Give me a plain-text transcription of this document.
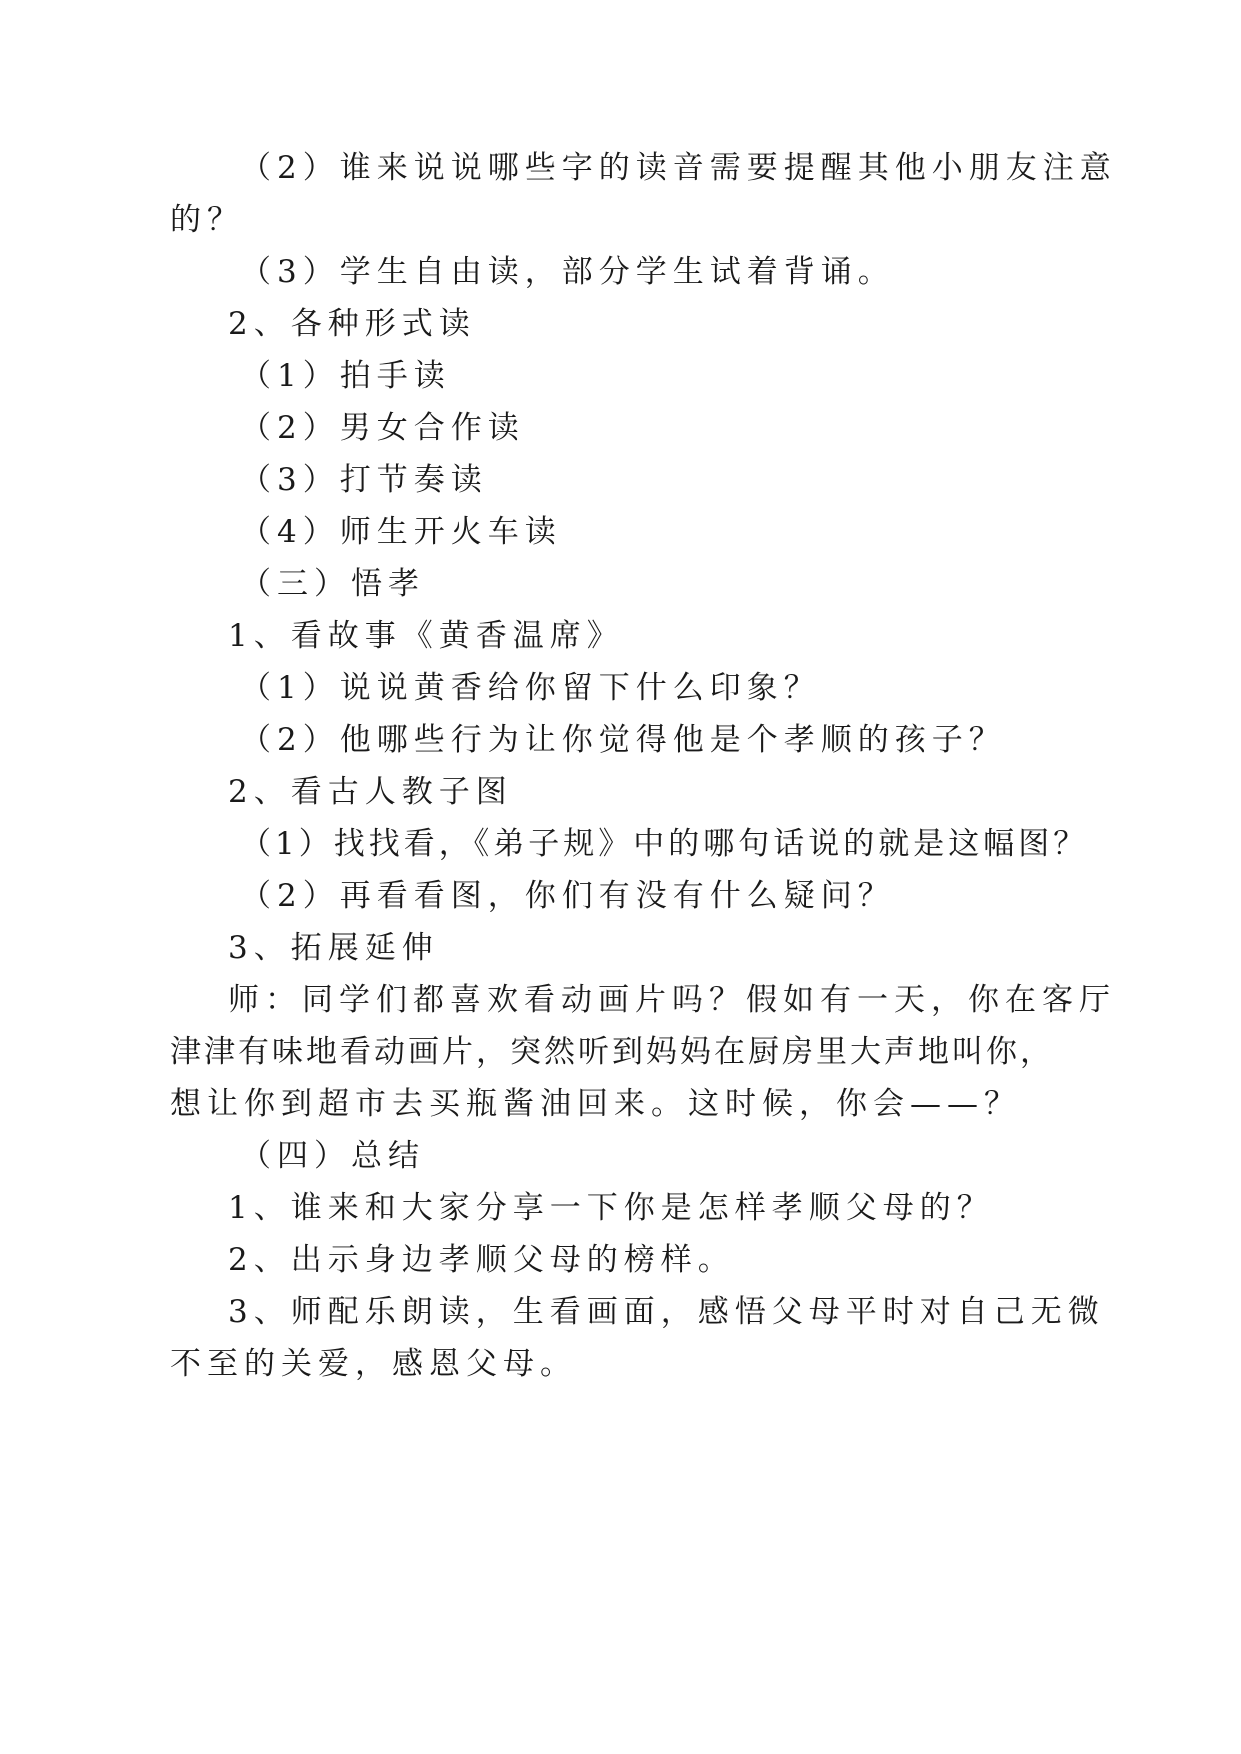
（2）谁来说说哪些字的读音需要提醒其他小朋友注意
的？
（3）学生自由读，部分学生试着背诵。
2、各种形式读
（1）拍手读
（2）男女合作读
（3）打节奏读
（4）师生开火车读
（三）悟孝
1、看故事《黄香温席》
（1）说说黄香给你留下什么印象？
（2）他哪些行为让你觉得他是个孝顺的孩子？
2、看古人教子图
（1）找找看，《弟子规》中的哪句话说的就是这幅图？
（2）再看看图，你们有没有什么疑问？
3、拓展延伸
师：同学们都喜欢看动画片吗？假如有一天，你在客厅
津津有味地看动画片，突然听到妈妈在厨房里大声地叫你，
想让你到超市去买瓶酱油回来。这时候，你会——？
（四）总结
1、谁来和大家分享一下你是怎样孝顺父母的？
2、出示身边孝顺父母的榜样。
3、师配乐朗读，生看画面，感悟父母平时对自己无微
不至的关爱，感恩父母。
